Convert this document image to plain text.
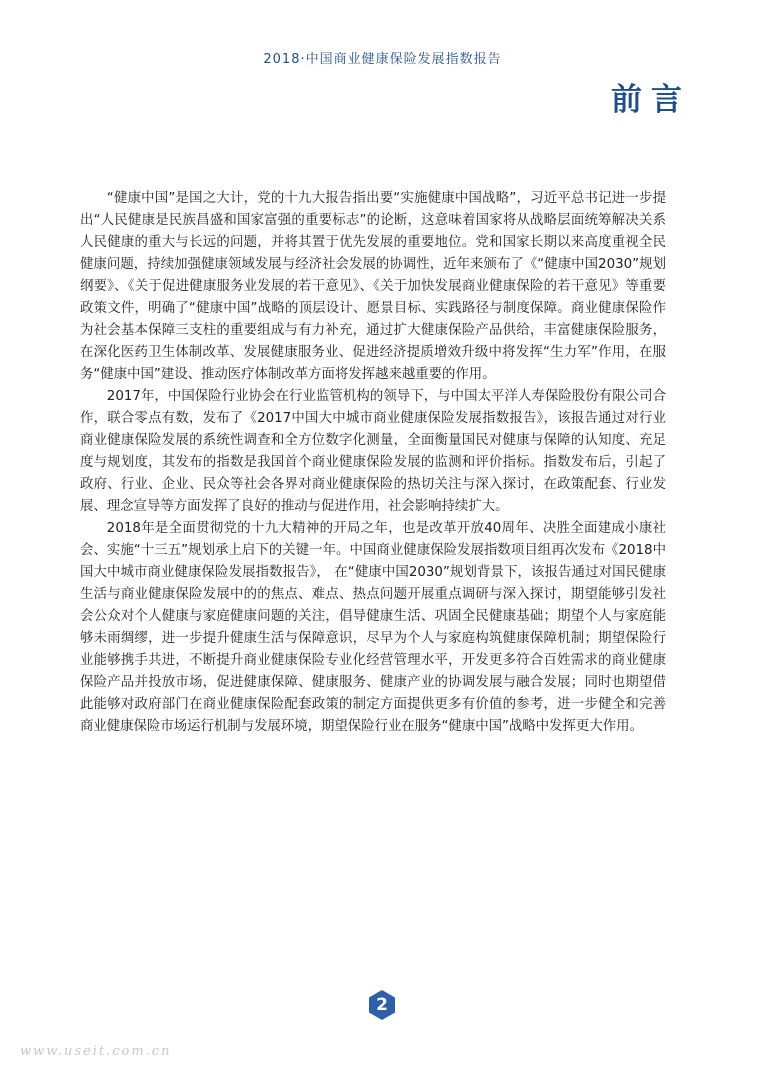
2018·中国商业健康保险发展指数报告
前言

“健康中国”是国之大计，党的十九大报告指出要“实施健康中国战略”，习近平总书记进一步提出“人民健康是民族昌盛和国家富强的重要标志”的论断，这意味着国家将从战略层面统筹解决关系人民健康的重大与长远的问题，并将其置于优先发展的重要地位。党和国家长期以来高度重视全民健康问题，持续加强健康领域发展与经济社会发展的协调性，近年来颁布了《“健康中国2030”规划纲要》、《关于促进健康服务业发展的若干意见》、《关于加快发展商业健康保险的若干意见》等重要政策文件，明确了“健康中国”战略的顶层设计、愿景目标、实践路径与制度保障。商业健康保险作为社会基本保障三支柱的重要组成与有力补充，通过扩大健康保险产品供给，丰富健康保险服务，在深化医药卫生体制改革、发展健康服务业、促进经济提质增效升级中将发挥“生力军”作用，在服务“健康中国”建设、推动医疗体制改革方面将发挥越来越重要的作用。

2017年，中国保险行业协会在行业监管机构的领导下，与中国太平洋人寿保险股份有限公司合作，联合零点有数，发布了《2017中国大中城市商业健康保险发展指数报告》，该报告通过对行业商业健康保险发展的系统性调查和全方位数字化测量，全面衡量国民对健康与保障的认知度、充足度与规划度，其发布的指数是我国首个商业健康保险发展的监测和评价指标。指数发布后，引起了政府、行业、企业、民众等社会各界对商业健康保险的热切关注与深入探讨，在政策配套、行业发展、理念宣导等方面发挥了良好的推动与促进作用，社会影响持续扩大。

2018年是全面贯彻党的十九大精神的开局之年，也是改革开放40周年、决胜全面建成小康社会、实施“十三五”规划承上启下的关键一年。中国商业健康保险发展指数项目组再次发布《2018中国大中城市商业健康保险发展指数报告》， 在“健康中国2030”规划背景下，该报告通过对国民健康生活与商业健康保险发展中的的焦点、难点、热点问题开展重点调研与深入探讨，期望能够引发社会公众对个人健康与家庭健康问题的关注，倡导健康生活、巩固全民健康基础；期望个人与家庭能够未雨绸缪，进一步提升健康生活与保障意识，尽早为个人与家庭构筑健康保障机制；期望保险行业能够携手共进，不断提升商业健康保险专业化经营管理水平，开发更多符合百姓需求的商业健康保险产品并投放市场，促进健康保障、健康服务、健康产业的协调发展与融合发展；同时也期望借此能够对政府部门在商业健康保险配套政策的制定方面提供更多有价值的参考，进一步健全和完善商业健康保险市场运行机制与发展环境，期望保险行业在服务“健康中国”战略中发挥更大作用。

2
www.useit.com.cn
